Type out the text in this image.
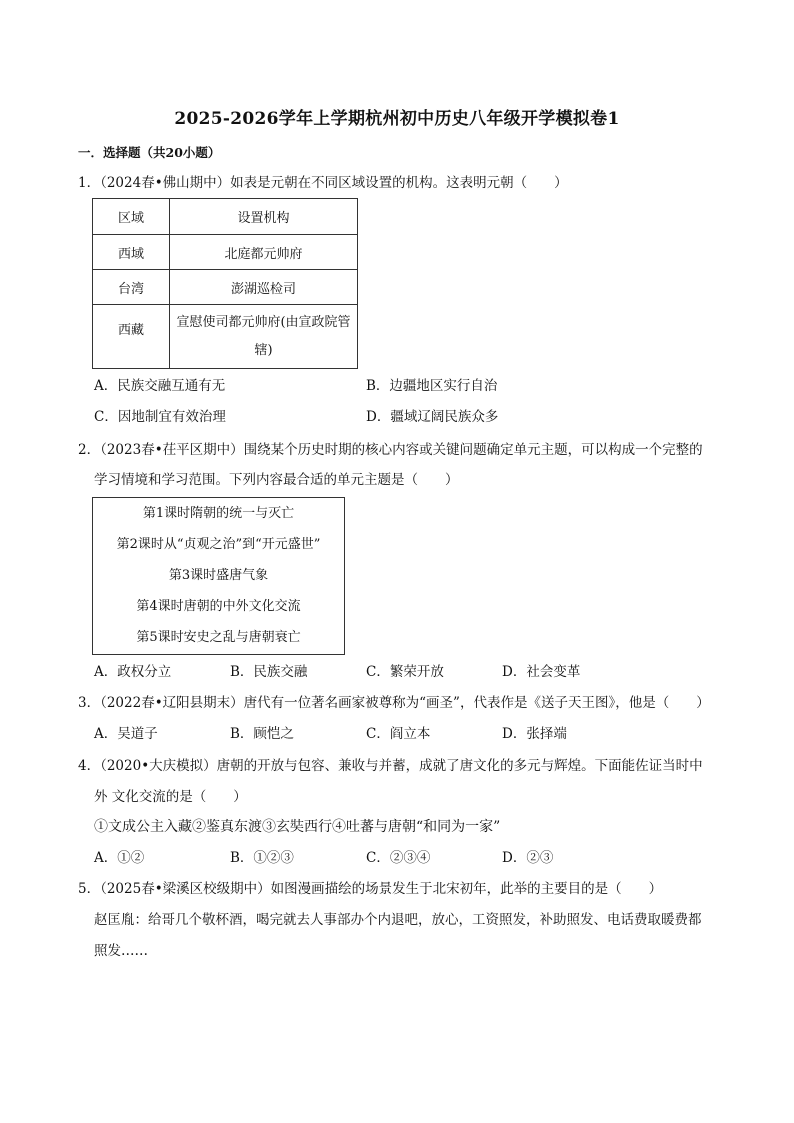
2025-2026学年上学期杭州初中历史八年级开学模拟卷1
一．选择题（共20小题）
1．（2024春•佛山期中）如表是元朝在不同区域设置的机构。这表明元朝（　　）
区域	设置机构
西域	北庭都元帅府
台湾	澎湖巡检司
西藏	宣慰使司都元帅府(由宣政院管
辖)
A．民族交融互通有无	B．边疆地区实行自治
C．因地制宜有效治理	D．疆域辽阔民族众多
2．（2023春•茌平区期中）围绕某个历史时期的核心内容或关键问题确定单元主题，可以构成一个完整的
学习情境和学习范围。下列内容最合适的单元主题是（　　）
第1课时隋朝的统一与灭亡
第2课时从“贞观之治”到“开元盛世”
第3课时盛唐气象
第4课时唐朝的中外文化交流
第5课时安史之乱与唐朝衰亡
A．政权分立	B．民族交融	C．繁荣开放	D．社会变革
3．（2022春•辽阳县期末）唐代有一位著名画家被尊称为“画圣”，代表作是《送子天王图》，他是（　　）
A．吴道子	B．顾恺之	C．阎立本	D．张择端
4．（2020•大庆模拟）唐朝的开放与包容、兼收与并蓄，成就了唐文化的多元与辉煌。下面能佐证当时中
外 文化交流的是（　　）
①文成公主入藏②鉴真东渡③玄奘西行④吐蕃与唐朝“和同为一家”
A．①②	B．①②③	C．②③④	D．②③
5．（2025春•梁溪区校级期中）如图漫画描绘的场景发生于北宋初年，此举的主要目的是（　　）
赵匡胤：给哥几个敬杯酒，喝完就去人事部办个内退吧，放心，工资照发，补助照发、电话费取暖费都
照发……
